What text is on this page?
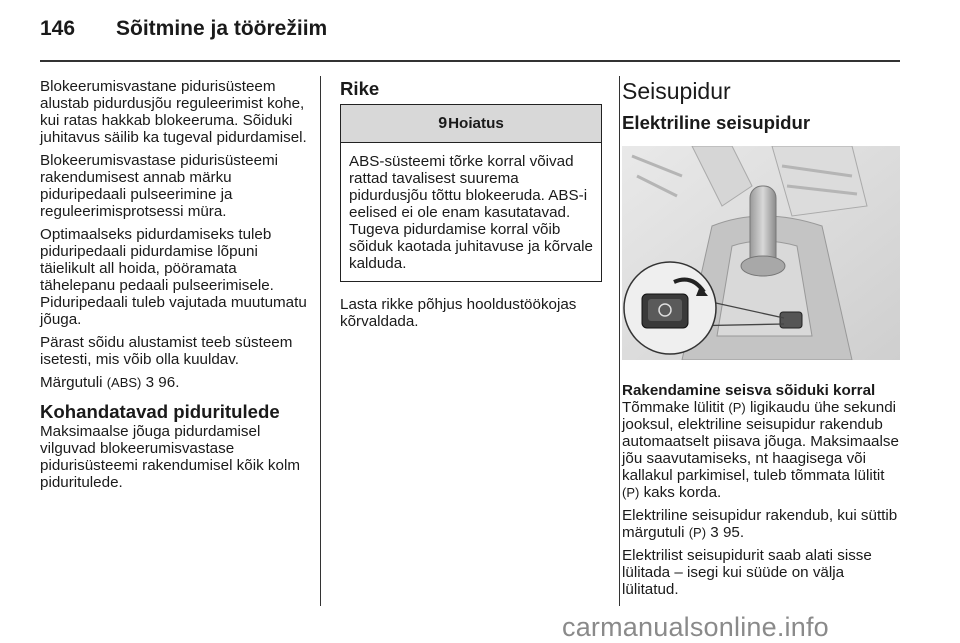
146 Sõitmine ja töörežiim

Blokeerumisvastane pidurisüsteem alustab pidurdusjõu reguleerimist kohe, kui ratas hakkab blokeeruma. Sõiduki juhitavus säilib ka tugeval pidurdamisel.

Blokeerumisvastase pidurisüsteemi rakendumisest annab märku piduripedaali pulseerimine ja reguleerimisprotsessi müra.

Optimaalseks pidurdamiseks tuleb piduripedaali pidurdamise lõpuni täielikult all hoida, pööramata tähelepanu pedaali pulseerimisele. Piduripedaali tuleb vajutada muutumatu jõuga.

Pärast sõidu alustamist teeb süsteem isetesti, mis võib olla kuuldav.

Märgutuli (ABS) 3 96.

Kohandatavad piduritulede

Maksimaalse jõuga pidurdamisel vilguvad blokeerumisvastase pidurisüsteemi rakendumisel kõik kolm piduritulede.

Rike
9Hoiatus
ABS-süsteemi tõrke korral võivad rattad tavalisest suurema pidurdusjõu tõttu blokeeruda. ABS-i eelised ei ole enam kasutatavad. Tugeva pidurdamise korral võib sõiduk kaotada juhitavuse ja kõrvale kalduda.

Lasta rikke põhjus hooldustöökojas kõrvaldada.

Seisupidur
Elektriline seisupidur
Rakendamine seisva sõiduki korral

Tõmmake lülitit (P) ligikaudu ühe sekundi jooksul, elektriline seisupidur rakendub automaatselt piisava jõuga. Maksimaalse jõu saavutamiseks, nt haagisega või kallakul parkimisel, tuleb tõmmata lülitit (P) kaks korda.

Elektriline seisupidur rakendub, kui süttib märgutuli (P) 3 95.

Elektrilist seisupidurit saab alati sisse lülitada – isegi kui süüde on välja lülitatud.

carmanualsonline.info
